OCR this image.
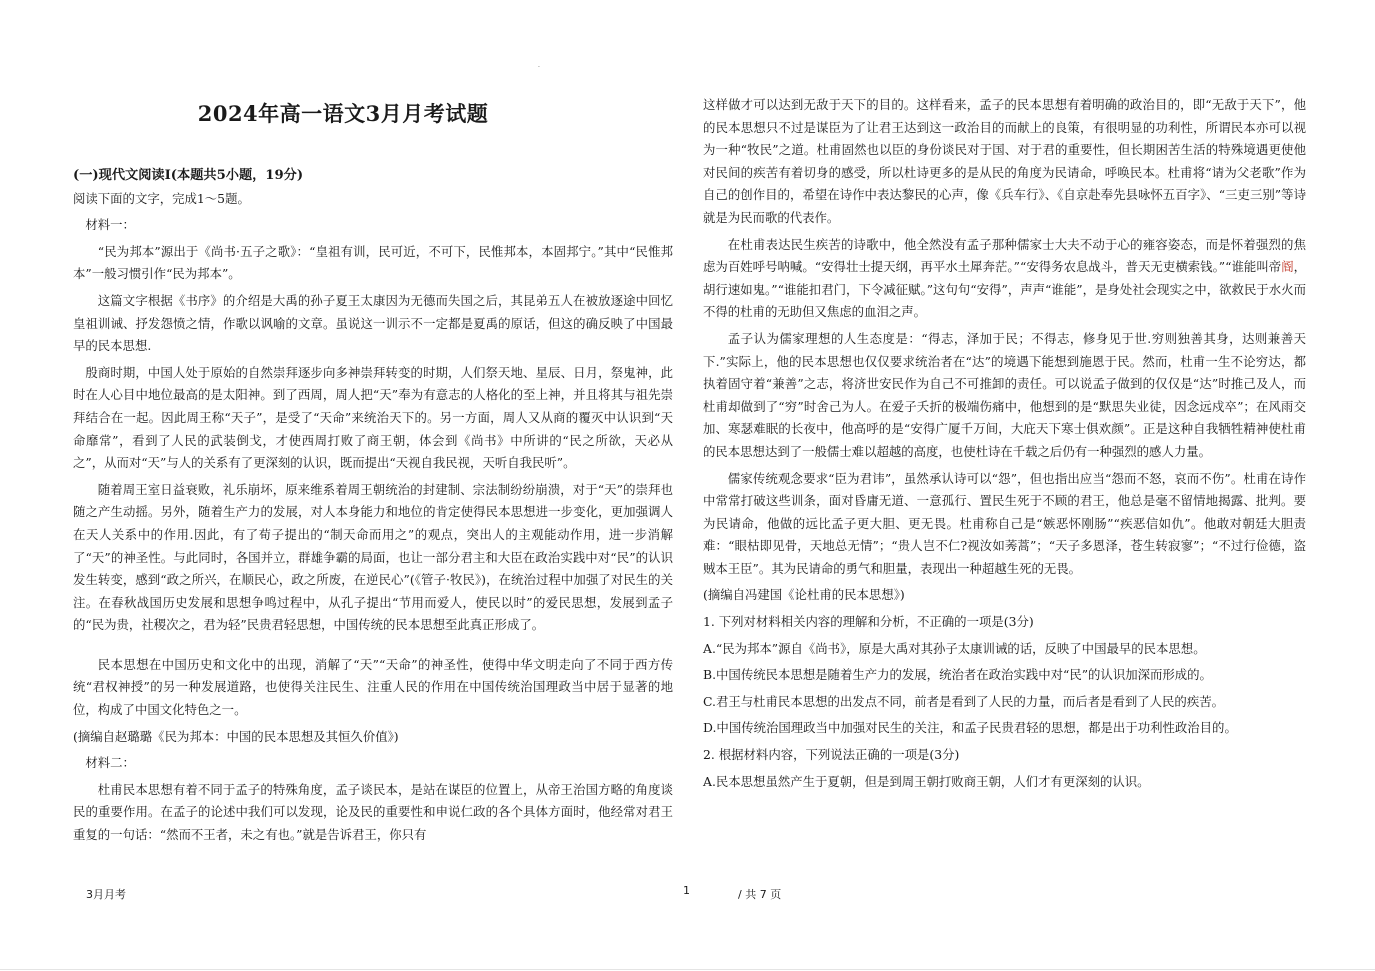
.
2024年高一语文3月月考试题

(一)现代文阅读Ⅰ(本题共5小题，19分)

阅读下面的文字，完成1～5题。

材料一：

“民为邦本”源出于《尚书·五子之歌》：“皇祖有训，民可近，不可下，民惟邦本，本固邦宁。”其中“民惟邦本”一般习惯引作“民为邦本”。

这篇文字根据《书序》的介绍是大禹的孙子夏王太康因为无德而失国之后，其昆弟五人在被放逐途中回忆皇祖训诫、抒发怨愤之情，作歌以讽喻的文章。虽说这一训示不一定都是夏禹的原话，但这的确反映了中国最早的民本思想.

殷商时期，中国人处于原始的自然崇拜逐步向多神崇拜转变的时期，人们祭天地、星辰、日月，祭鬼神，此时在人心目中地位最高的是太阳神。到了西周，周人把“天”奉为有意志的人格化的至上神，并且将其与祖先崇拜结合在一起。因此周王称“天子”，是受了“天命”来统治天下的。另一方面，周人又从商的覆灭中认识到“天命靡常”，看到了人民的武装倒戈，才使西周打败了商王朝，体会到《尚书》中所讲的“民之所欲，天必从之”，从而对“天”与人的关系有了更深刻的认识，既而提出“天视自我民视，天听自我民听”。

随着周王室日益衰败，礼乐崩坏，原来维系着周王朝统治的封建制、宗法制纷纷崩溃，对于“天”的崇拜也随之产生动摇。另外，随着生产力的发展，对人本身能力和地位的肯定使得民本思想进一步变化，更加强调人在天人关系中的作用.因此，有了荀子提出的“制天命而用之”的观点，突出人的主观能动作用，进一步消解了“天”的神圣性。与此同时，各国并立，群雄争霸的局面，也让一部分君主和大臣在政治实践中对“民”的认识发生转变，感到“政之所兴，在顺民心，政之所废，在逆民心”(《管子·牧民》)，在统治过程中加强了对民生的关注。在春秋战国历史发展和思想争鸣过程中，从孔子提出“节用而爱人，使民以时”的爱民思想，发展到孟子的“民为贵，社稷次之，君为轻”民贵君轻思想，中国传统的民本思想至此真正形成了。

民本思想在中国历史和文化中的出现，消解了“天”“天命”的神圣性，使得中华文明走向了不同于西方传统“君权神授”的另一种发展道路，也使得关注民生、注重人民的作用在中国传统治国理政当中居于显著的地位，构成了中国文化特色之一。

(摘编自赵璐璐《民为邦本：中国的民本思想及其恒久价值》)

材料二：

杜甫民本思想有着不同于孟子的特殊角度，孟子谈民本，是站在谋臣的位置上，从帝王治国方略的角度谈民的重要作用。在孟子的论述中我们可以发现，论及民的重要性和申说仁政的各个具体方面时，他经常对君王重复的一句话：“然而不王者，未之有也。”就是告诉君王，你只有

这样做才可以达到无敌于天下的目的。这样看来，孟子的民本思想有着明确的政治目的，即“无敌于天下”，他的民本思想只不过是谋臣为了让君王达到这一政治目的而献上的良策，有很明显的功利性，所谓民本亦可以视为一种“牧民”之道。杜甫固然也以臣的身份谈民对于国、对于君的重要性，但长期困苦生活的特殊境遇更使他对民间的疾苦有着切身的感受，所以杜诗更多的是从民的角度为民请命，呼唤民本。杜甫将“请为父老歌”作为自己的创作目的，希望在诗作中表达黎民的心声，像《兵车行》、《自京赴奉先县咏怀五百字》、“三吏三别”等诗就是为民而歌的代表作。

在杜甫表达民生疾苦的诗歌中，他全然没有孟子那种儒家士大夫不动于心的雍容姿态，而是怀着强烈的焦虑为百姓呼号呐喊。“安得壮士提天纲，再平水土犀奔茫。”“安得务农息战斗，普天无吏横索钱。”“谁能叫帝阍，胡行速如鬼。”“谁能扣君门，下令减征赋。”这句句“安得”，声声“谁能”，是身处社会现实之中，欲救民于水火而不得的杜甫的无助但又焦虑的血泪之声。

孟子认为儒家理想的人生态度是：“得志，泽加于民；不得志，修身见于世.穷则独善其身，达则兼善天下.”实际上，他的民本思想也仅仅要求统治者在“达”的境遇下能想到施恩于民。然而，杜甫一生不论穷达，都执着固守着“兼善”之志，将济世安民作为自己不可推卸的责任。可以说孟子做到的仅仅是“达”时推己及人，而杜甫却做到了“穷”时舍己为人。在爱子夭折的极端伤痛中，他想到的是“默思失业徒，因念远戍卒”；在风雨交加、寒瑟难眠的长夜中，他高呼的是“安得广厦千万间，大庇天下寒士俱欢颜”。正是这种自我牺牲精神使杜甫的民本思想达到了一般儒士难以超越的高度，也使杜诗在千载之后仍有一种强烈的感人力量。

儒家传统观念要求“臣为君讳”，虽然承认诗可以“怨”，但也指出应当“怨而不怒，哀而不伤”。杜甫在诗作中常常打破这些训条，面对昏庸无道、一意孤行、置民生死于不顾的君王，他总是毫不留情地揭露、批判。要为民请命，他做的远比孟子更大胆、更无畏。杜甫称自己是“嫉恶怀刚肠”“疾恶信如仇”。他敢对朝廷大胆责难：“眼枯即见骨，天地总无情”；“贵人岂不仁?视汝如莠蒿”；“天子多恩泽，苍生转寂寥”；“不过行俭德，盗贼本王臣”。其为民请命的勇气和胆量，表现出一种超越生死的无畏。

(摘编自冯建国《论杜甫的民本思想》)

1. 下列对材料相关内容的理解和分析，不正确的一项是(3分)

A.“民为邦本”源自《尚书》，原是大禹对其孙子太康训诫的话，反映了中国最早的民本思想。

B.中国传统民本思想是随着生产力的发展，统治者在政治实践中对“民”的认识加深而形成的。

C.君王与杜甫民本思想的出发点不同，前者是看到了人民的力量，而后者是看到了人民的疾苦。

D.中国传统治国理政当中加强对民生的关注，和孟子民贵君轻的思想，都是出于功利性政治目的。

2. 根据材料内容，下列说法正确的一项是(3分)

A.民本思想虽然产生于夏朝，但是到周王朝打败商王朝，人们才有更深刻的认识。

3月月考	1	/ 共 7 页
